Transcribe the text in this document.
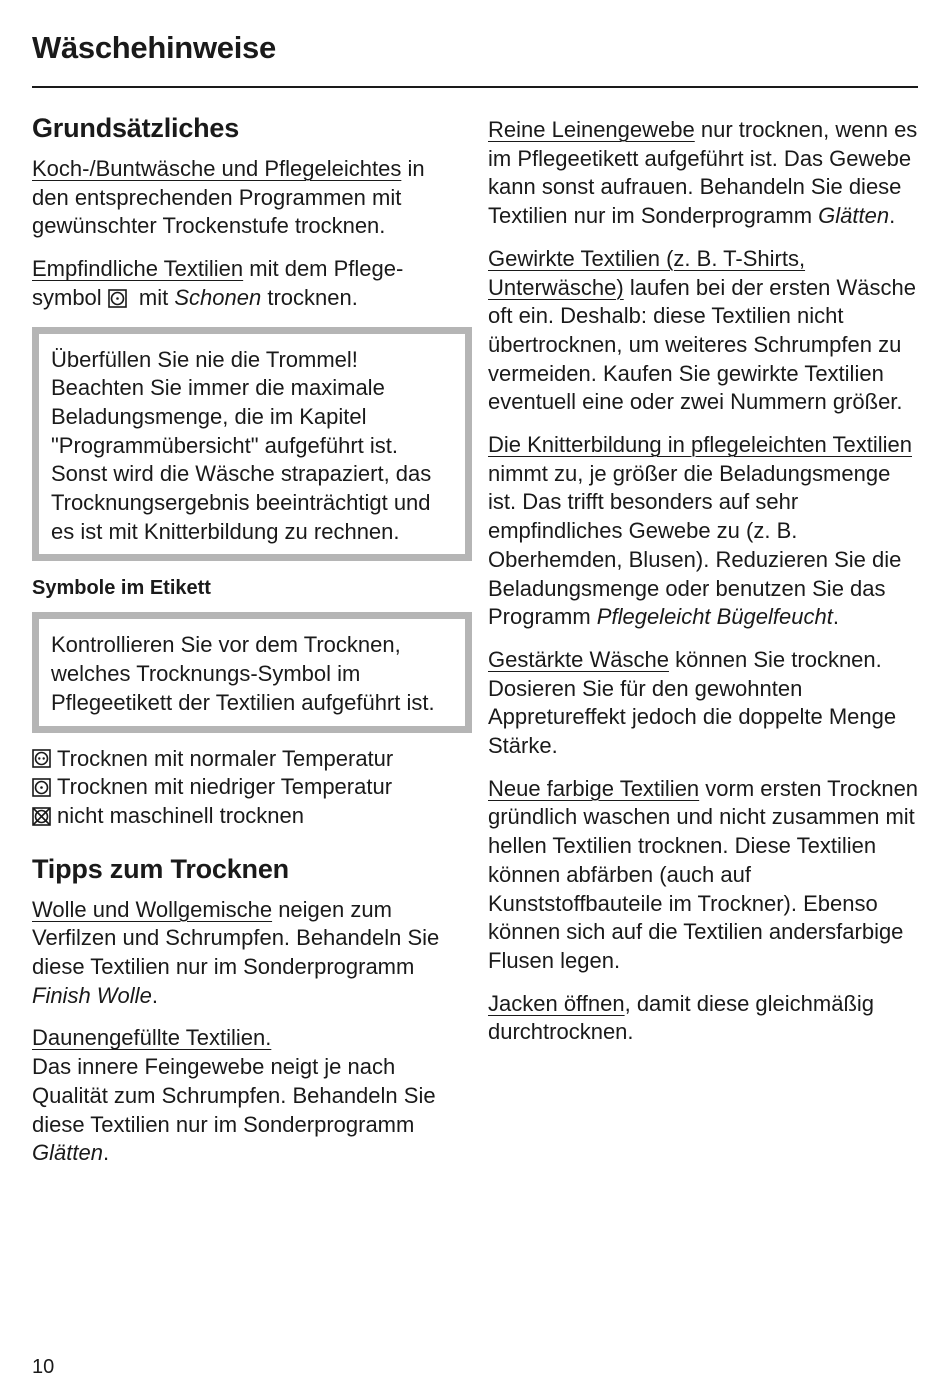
Wäschehinweise
Grundsätzliches

Koch-/Buntwäsche und Pflegeleichtes in den entsprechenden Programmen mit gewünschter Trockenstufe trocknen.

Empfindliche Textilien mit dem Pflege-symbol
mit Schonen trocknen.

Überfüllen Sie nie die Trommel! Beachten Sie immer die maximale Beladungsmenge, die im Kapitel "Programmübersicht" aufgeführt ist. Sonst wird die Wäsche strapaziert, das Trocknungsergebnis beeinträchtigt und es ist mit Knitterbildung zu rechnen.

Symbole im Etikett

Kontrollieren Sie vor dem Trocknen, welches Trocknungs-Symbol im Pflegeetikett der Textilien aufgeführt ist.

Trocknen mit normaler Temperatur
Trocknen mit niedriger Temperatur
nicht maschinell trocknen
Tipps zum Trocknen

Wolle und Wollgemische neigen zum Verfilzen und Schrumpfen. Behandeln Sie diese Textilien nur im Sonderprogramm Finish Wolle.

Daunengefüllte Textilien.
Das innere Feingewebe neigt je nach Qualität zum Schrumpfen. Behandeln Sie diese Textilien nur im Sonderprogramm Glätten.

Reine Leinengewebe nur trocknen, wenn es im Pflegeetikett aufgeführt ist. Das Gewebe kann sonst aufrauen. Behandeln Sie diese Textilien nur im Sonderprogramm Glätten.

Gewirkte Textilien (z. B. T-Shirts, Unterwäsche) laufen bei der ersten Wäsche oft ein. Deshalb: diese Textilien nicht übertrocknen, um weiteres Schrumpfen zu vermeiden. Kaufen Sie gewirkte Textilien eventuell eine oder zwei Nummern größer.

Die Knitterbildung in pflegeleichten Textilien nimmt zu, je größer die Beladungsmenge ist. Das trifft besonders auf sehr empfindliches Gewebe zu (z. B. Oberhemden, Blusen). Reduzieren Sie die Beladungsmenge oder benutzen Sie das Programm Pflegeleicht Bügelfeucht.

Gestärkte Wäsche können Sie trocknen. Dosieren Sie für den gewohnten Appretureffekt jedoch die doppelte Menge Stärke.

Neue farbige Textilien vorm ersten Trocknen gründlich waschen und nicht zusammen mit hellen Textilien trocknen. Diese Textilien können abfärben (auch auf Kunststoffbauteile im Trockner). Ebenso können sich auf die Textilien andersfarbige Flusen legen.

Jacken öffnen, damit diese gleichmäßig durchtrocknen.

10
